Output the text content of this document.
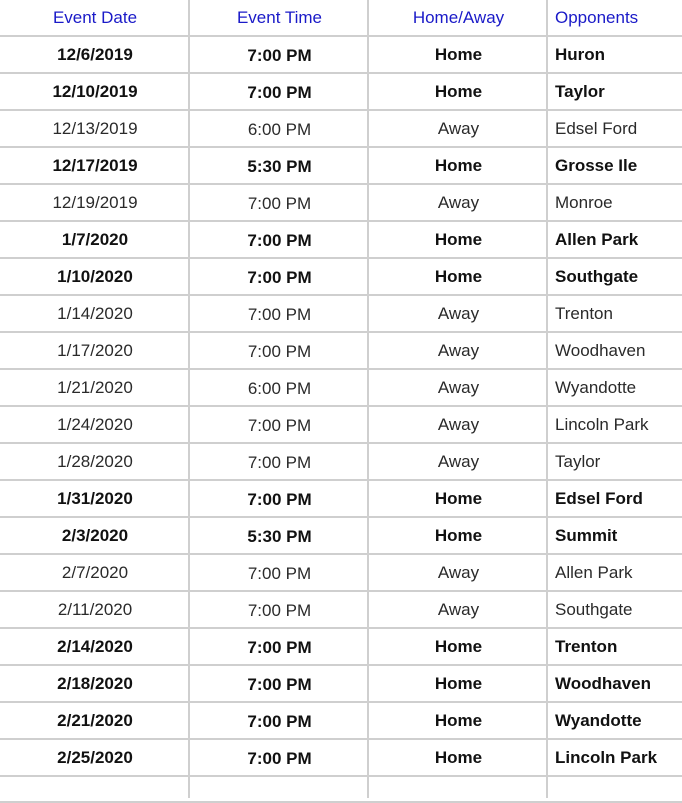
Event Date	Event Time	Home/Away	Opponents
12/6/2019	7:00 PM	Home	Huron
12/10/2019	7:00 PM	Home	Taylor
12/13/2019	6:00 PM	Away	Edsel Ford
12/17/2019	5:30 PM	Home	Grosse Ile
12/19/2019	7:00 PM	Away	Monroe
1/7/2020	7:00 PM	Home	Allen Park
1/10/2020	7:00 PM	Home	Southgate
1/14/2020	7:00 PM	Away	Trenton
1/17/2020	7:00 PM	Away	Woodhaven
1/21/2020	6:00 PM	Away	Wyandotte
1/24/2020	7:00 PM	Away	Lincoln Park
1/28/2020	7:00 PM	Away	Taylor
1/31/2020	7:00 PM	Home	Edsel Ford
2/3/2020	5:30 PM	Home	Summit
2/7/2020	7:00 PM	Away	Allen Park
2/11/2020	7:00 PM	Away	Southgate
2/14/2020	7:00 PM	Home	Trenton
2/18/2020	7:00 PM	Home	Woodhaven
2/21/2020	7:00 PM	Home	Wyandotte
2/25/2020	7:00 PM	Home	Lincoln Park
